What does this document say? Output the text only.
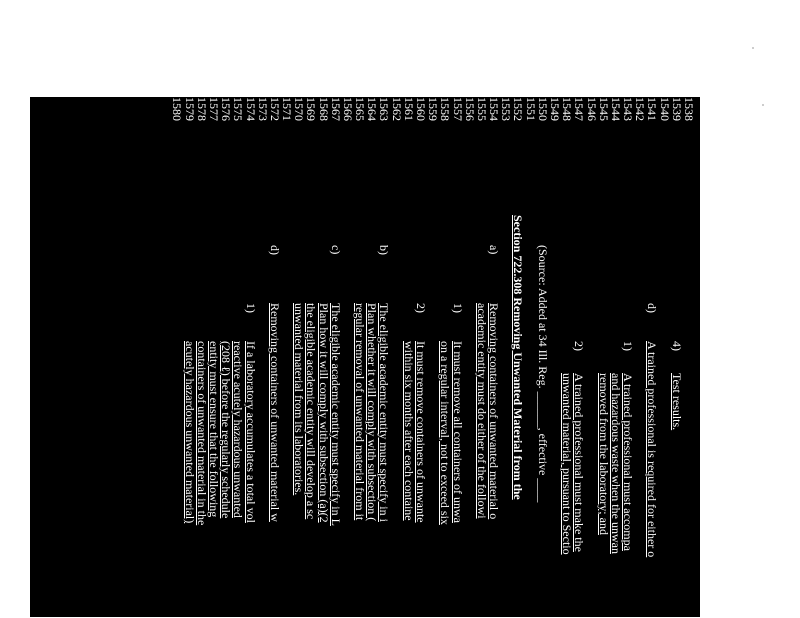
1538
1539
4)
Test results.
1540
1541
d)
A trained professional is required for either o
1542
1543
1)
A trained professional must accompa
1544
and hazardous waste when the unwan
1545
removed from the laboratory; and
1546
1547
2)
A trained professional must make the
1548
unwanted material, pursuant to Sectio
1549
1550
(Source: Added at 34 Ill. Reg. ______, effective ____
1551
1552
Section 722.308 Removing Unwanted Material from the
1553
1554
a)
Removing containers of unwanted material o
1555
academic entity must do either of the followi
1556
1557
1)
It must remove all containers of unwa
1558
on a regular interval, not to exceed six
1559
1560
2)
It must remove containers of unwante
1561
within six months after each containe
1562
1563
b)
The eligible academic entity must specify in i
1564
Plan whether it will comply with subsection (
1565
regular removal of unwanted material from it
1566
1567
c)
The eligible academic entity must specify in L
1568
Plan how it will comply with subsection (a)(2
1569
the eligible academic entity will develop a sc
1570
unwanted material from its laboratories.
1571
1572
d)
Removing containers of unwanted material w
1573
1574
1)
If a laboratory accumulates a total vol
1575
reactive acutely hazardous unwanted
1576
(208 ℓ) before the regularly schedule
1577
entity must ensure that the following
1578
containers of unwanted material in the
1579
acutely hazardous unwanted material)
1580
